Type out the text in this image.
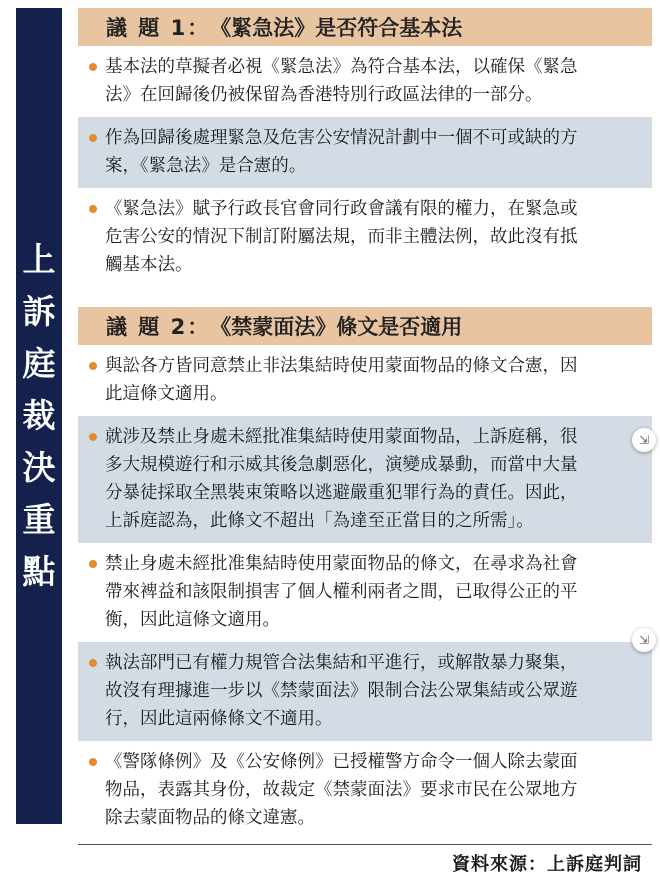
上
訴
庭
裁
決
重
點
議 題 1： 《緊急法》是否符合基本法
基本法的草擬者必視《緊急法》為符合基本法，以確保《緊急
法》在回歸後仍被保留為香港特別行政區法律的一部分。
作為回歸後處理緊急及危害公安情況計劃中一個不可或缺的方
案，《緊急法》是合憲的。
《緊急法》賦予行政長官會同行政會議有限的權力，在緊急或
危害公安的情況下制訂附屬法規，而非主體法例，故此沒有抵
觸基本法。
議 題 2： 《禁蒙面法》條文是否適用
與訟各方皆同意禁止非法集結時使用蒙面物品的條文合憲，因
此這條文適用。
就涉及禁止身處未經批准集結時使用蒙面物品，上訴庭稱，很
多大規模遊行和示威其後急劇惡化，演變成暴動，而當中大量
分暴徒採取全黑裝束策略以逃避嚴重犯罪行為的責任。因此，
上訴庭認為，此條文不超出「為達至正當目的之所需」。
禁止身處未經批准集結時使用蒙面物品的條文，在尋求為社會
帶來裨益和該限制損害了個人權利兩者之間，已取得公正的平
衡，因此這條文適用。
執法部門已有權力規管合法集結和平進行，或解散暴力聚集，
故沒有理據進一步以《禁蒙面法》限制合法公眾集結或公眾遊
行，因此這兩條條文不適用。
《警隊條例》及《公安條例》已授權警方命令一個人除去蒙面
物品，表露其身份，故裁定《禁蒙面法》要求市民在公眾地方
除去蒙面物品的條文違憲。
資料來源：上訴庭判詞
⇲
⇲
